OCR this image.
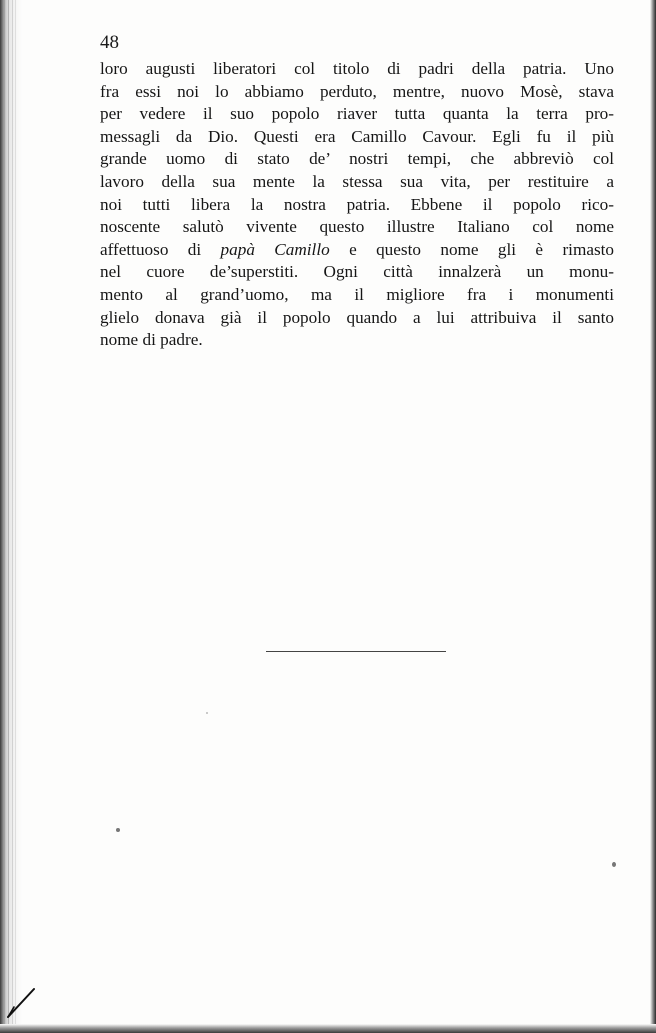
48

loro augusti liberatori col titolo di padri della patria. Uno
fra essi noi lo abbiamo perduto, mentre, nuovo Mosè, stava
per vedere il suo popolo riaver tutta quanta la terra pro-
messagli da Dio. Questi era Camillo Cavour. Egli fu il più
grande uomo di stato de’ nostri tempi, che abbreviò col
lavoro della sua mente la stessa sua vita, per restituire a
noi tutti libera la nostra patria. Ebbene il popolo rico-
noscente salutò vivente questo illustre Italiano col nome
affettuoso di papà Camillo e questo nome gli è rimasto
nel cuore de’superstiti. Ogni città innalzerà un monu-
mento al grand’uomo, ma il migliore fra i monumenti
glielo donava già il popolo quando a lui attribuiva il santo
nome di padre.
